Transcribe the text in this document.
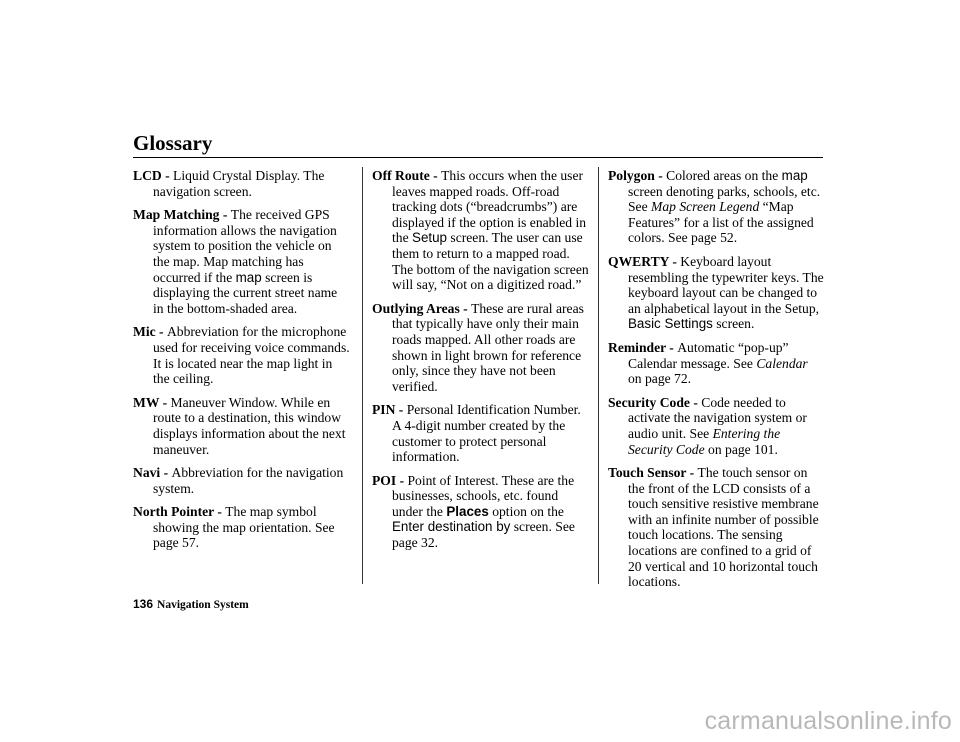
Glossary

LCD - Liquid Crystal Display. The navigation screen.

Map Matching - The received GPS information allows the navigation system to position the vehicle on the map. Map matching has occurred if the map screen is displaying the current street name in the bottom-shaded area.

Mic - Abbreviation for the microphone used for receiving voice commands. It is located near the map light in the ceiling.

MW - Maneuver Window. While en route to a destination, this window displays information about the next maneuver.

Navi - Abbreviation for the navigation system.

North Pointer - The map symbol showing the map orientation. See page 57.

Off Route - This occurs when the user leaves mapped roads. Off-road tracking dots (“breadcrumbs”) are displayed if the option is enabled in the Setup screen. The user can use them to return to a mapped road. The bottom of the navigation screen will say, “Not on a digitized road.”

Outlying Areas - These are rural areas that typically have only their main roads mapped. All other roads are shown in light brown for reference only, since they have not been verified.

PIN - Personal Identification Number. A 4-digit number created by the customer to protect personal information.

POI - Point of Interest. These are the businesses, schools, etc. found under the Places option on the Enter destination by screen. See page 32.

Polygon - Colored areas on the map screen denoting parks, schools, etc. See Map Screen Legend “Map Features” for a list of the assigned colors. See page 52.

QWERTY - Keyboard layout resembling the typewriter keys. The keyboard layout can be changed to an alphabetical layout in the Setup, Basic Settings screen.

Reminder - Automatic “pop-up” Calendar message. See Calendar on page 72.

Security Code - Code needed to activate the navigation system or audio unit. See Entering the Security Code on page 101.

Touch Sensor - The touch sensor on the front of the LCD consists of a touch sensitive resistive membrane with an infinite number of possible touch locations. The sensing locations are confined to a grid of 20 vertical and 10 horizontal touch locations.

136 Navigation System
carmanualsonline.info
